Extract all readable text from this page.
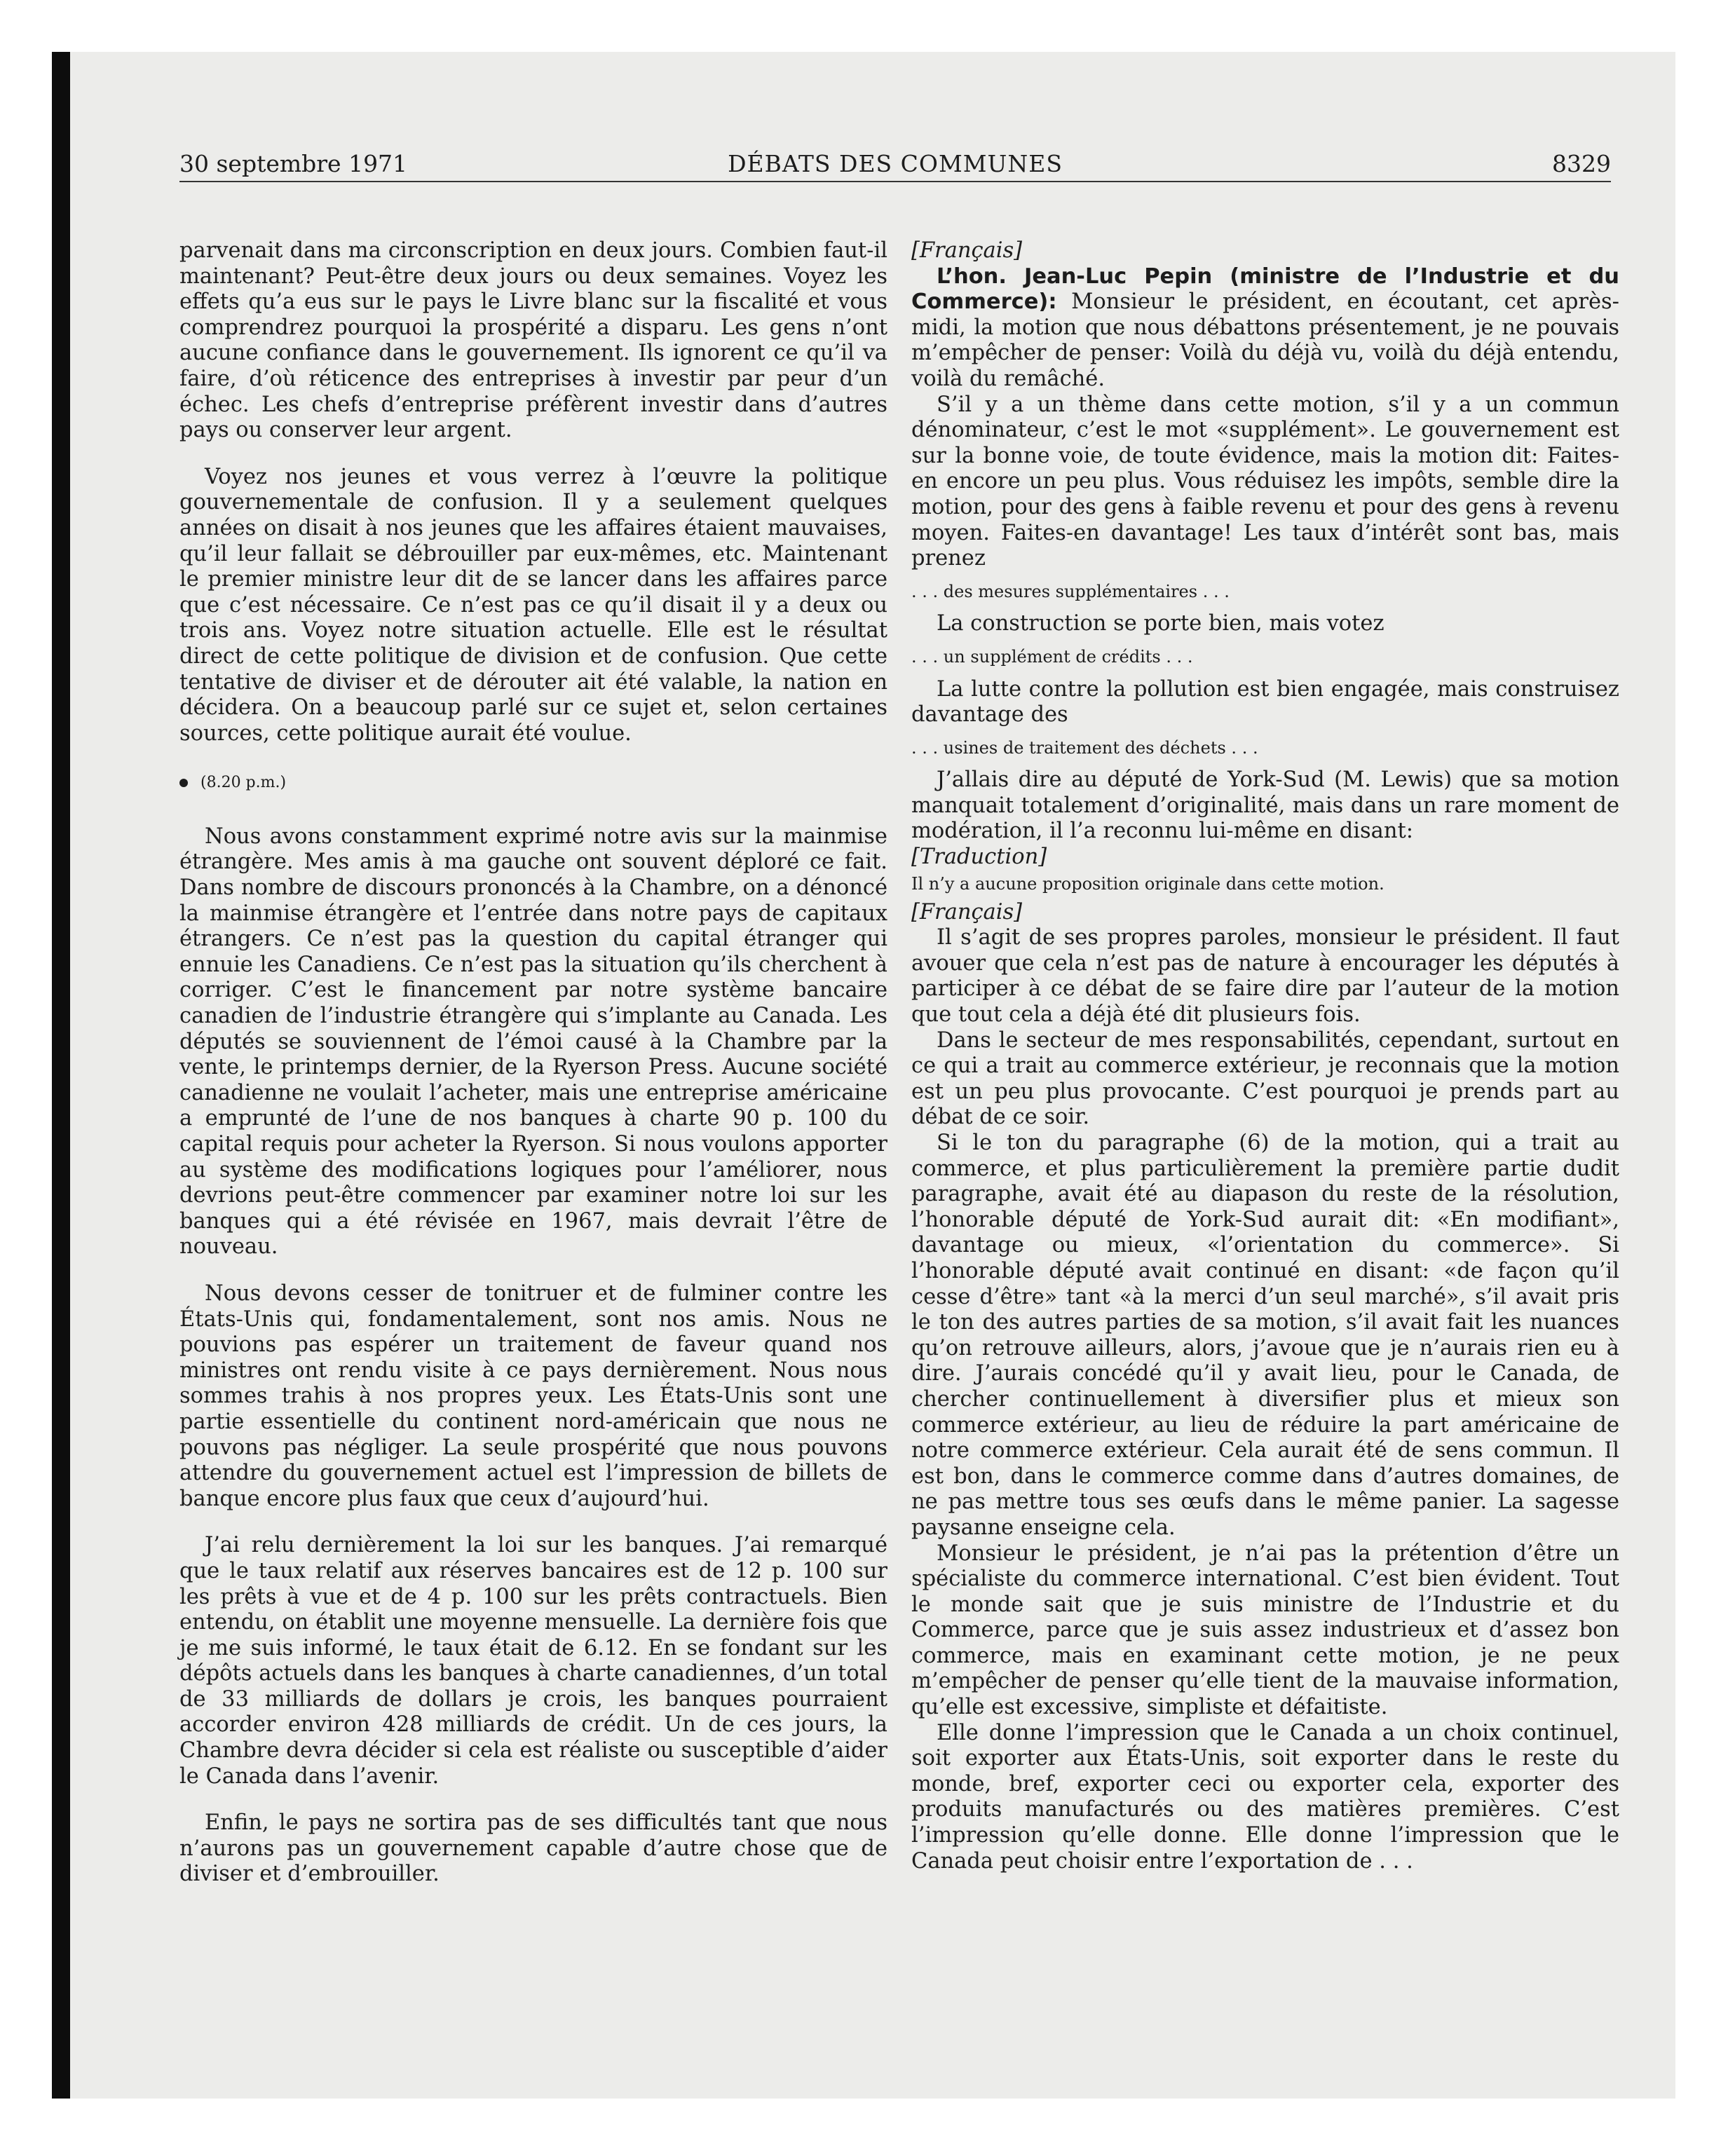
30 septembre 1971	DÉBATS DES COMMUNES	8329

parvenait dans ma circonscription en deux jours. Combien faut-il maintenant? Peut-être deux jours ou deux semaines. Voyez les effets qu’a eus sur le pays le Livre blanc sur la fiscalité et vous comprendrez pourquoi la prospérité a disparu. Les gens n’ont aucune confiance dans le gouvernement. Ils ignorent ce qu’il va faire, d’où réticence des entreprises à investir par peur d’un échec. Les chefs d’entreprise préfèrent investir dans d’autres pays ou conserver leur argent.

Voyez nos jeunes et vous verrez à l’œuvre la politique gouvernementale de confusion. Il y a seulement quelques années on disait à nos jeunes que les affaires étaient mauvaises, qu’il leur fallait se débrouiller par eux-mêmes, etc. Maintenant le premier ministre leur dit de se lancer dans les affaires parce que c’est nécessaire. Ce n’est pas ce qu’il disait il y a deux ou trois ans. Voyez notre situation actuelle. Elle est le résultat direct de cette politique de division et de confusion. Que cette tentative de diviser et de dérouter ait été valable, la nation en décidera. On a beaucoup parlé sur ce sujet et, selon certaines sources, cette politique aurait été voulue.

(8.20 p.m.)

Nous avons constamment exprimé notre avis sur la mainmise étrangère. Mes amis à ma gauche ont souvent déploré ce fait. Dans nombre de discours prononcés à la Chambre, on a dénoncé la mainmise étrangère et l’entrée dans notre pays de capitaux étrangers. Ce n’est pas la question du capital étranger qui ennuie les Canadiens. Ce n’est pas la situation qu’ils cherchent à corriger. C’est le financement par notre système bancaire canadien de l’industrie étrangère qui s’implante au Canada. Les députés se souviennent de l’émoi causé à la Chambre par la vente, le printemps dernier, de la Ryerson Press. Aucune société canadienne ne voulait l’acheter, mais une entreprise américaine a emprunté de l’une de nos banques à charte 90 p. 100 du capital requis pour acheter la Ryerson. Si nous voulons apporter au système des modifications logiques pour l’améliorer, nous devrions peut-être commencer par examiner notre loi sur les banques qui a été révisée en 1967, mais devrait l’être de nouveau.

Nous devons cesser de tonitruer et de fulminer contre les États-Unis qui, fondamentalement, sont nos amis. Nous ne pouvions pas espérer un traitement de faveur quand nos ministres ont rendu visite à ce pays dernièrement. Nous nous sommes trahis à nos propres yeux. Les États-Unis sont une partie essentielle du continent nord-américain que nous ne pouvons pas négliger. La seule prospérité que nous pouvons attendre du gouvernement actuel est l’impression de billets de banque encore plus faux que ceux d’aujourd’hui.

J’ai relu dernièrement la loi sur les banques. J’ai remarqué que le taux relatif aux réserves bancaires est de 12 p. 100 sur les prêts à vue et de 4 p. 100 sur les prêts contractuels. Bien entendu, on établit une moyenne mensuelle. La dernière fois que je me suis informé, le taux était de 6.12. En se fondant sur les dépôts actuels dans les banques à charte canadiennes, d’un total de 33 milliards de dollars je crois, les banques pourraient accorder environ 428 milliards de crédit. Un de ces jours, la Chambre devra décider si cela est réaliste ou susceptible d’aider le Canada dans l’avenir.

Enfin, le pays ne sortira pas de ses difficultés tant que nous n’aurons pas un gouvernement capable d’autre chose que de diviser et d’embrouiller.

[Français]

L’hon. Jean-Luc Pepin (ministre de l’Industrie et du Commerce): Monsieur le président, en écoutant, cet après-midi, la motion que nous débattons présentement, je ne pouvais m’empêcher de penser: Voilà du déjà vu, voilà du déjà entendu, voilà du remâché.

S’il y a un thème dans cette motion, s’il y a un commun dénominateur, c’est le mot «supplément». Le gouvernement est sur la bonne voie, de toute évidence, mais la motion dit: Faites-en encore un peu plus. Vous réduisez les impôts, semble dire la motion, pour des gens à faible revenu et pour des gens à revenu moyen. Faites-en davantage! Les taux d’intérêt sont bas, mais prenez

. . . des mesures supplémentaires . . .

La construction se porte bien, mais votez

. . . un supplément de crédits . . .

La lutte contre la pollution est bien engagée, mais construisez davantage des

. . . usines de traitement des déchets . . .

J’allais dire au député de York-Sud (M. Lewis) que sa motion manquait totalement d’originalité, mais dans un rare moment de modération, il l’a reconnu lui-même en disant:

[Traduction]

Il n’y a aucune proposition originale dans cette motion.

[Français]

Il s’agit de ses propres paroles, monsieur le président. Il faut avouer que cela n’est pas de nature à encourager les députés à participer à ce débat de se faire dire par l’auteur de la motion que tout cela a déjà été dit plusieurs fois.

Dans le secteur de mes responsabilités, cependant, surtout en ce qui a trait au commerce extérieur, je reconnais que la motion est un peu plus provocante. C’est pourquoi je prends part au débat de ce soir.

Si le ton du paragraphe (6) de la motion, qui a trait au commerce, et plus particulièrement la première partie dudit paragraphe, avait été au diapason du reste de la résolution, l’honorable député de York-Sud aurait dit: «En modifiant», davantage ou mieux, «l’orientation du commerce». Si l’honorable député avait continué en disant: «de façon qu’il cesse d’être» tant «à la merci d’un seul marché», s’il avait pris le ton des autres parties de sa motion, s’il avait fait les nuances qu’on retrouve ailleurs, alors, j’avoue que je n’aurais rien eu à dire. J’aurais concédé qu’il y avait lieu, pour le Canada, de chercher continuellement à diversifier plus et mieux son commerce extérieur, au lieu de réduire la part américaine de notre commerce extérieur. Cela aurait été de sens commun. Il est bon, dans le commerce comme dans d’autres domaines, de ne pas mettre tous ses œufs dans le même panier. La sagesse paysanne enseigne cela.

Monsieur le président, je n’ai pas la prétention d’être un spécialiste du commerce international. C’est bien évident. Tout le monde sait que je suis ministre de l’Industrie et du Commerce, parce que je suis assez industrieux et d’assez bon commerce, mais en examinant cette motion, je ne peux m’empêcher de penser qu’elle tient de la mauvaise information, qu’elle est excessive, simpliste et défaitiste.

Elle donne l’impression que le Canada a un choix continuel, soit exporter aux États-Unis, soit exporter dans le reste du monde, bref, exporter ceci ou exporter cela, exporter des produits manufacturés ou des matières premières. C’est l’impression qu’elle donne. Elle donne l’impression que le Canada peut choisir entre l’exportation de . . .
